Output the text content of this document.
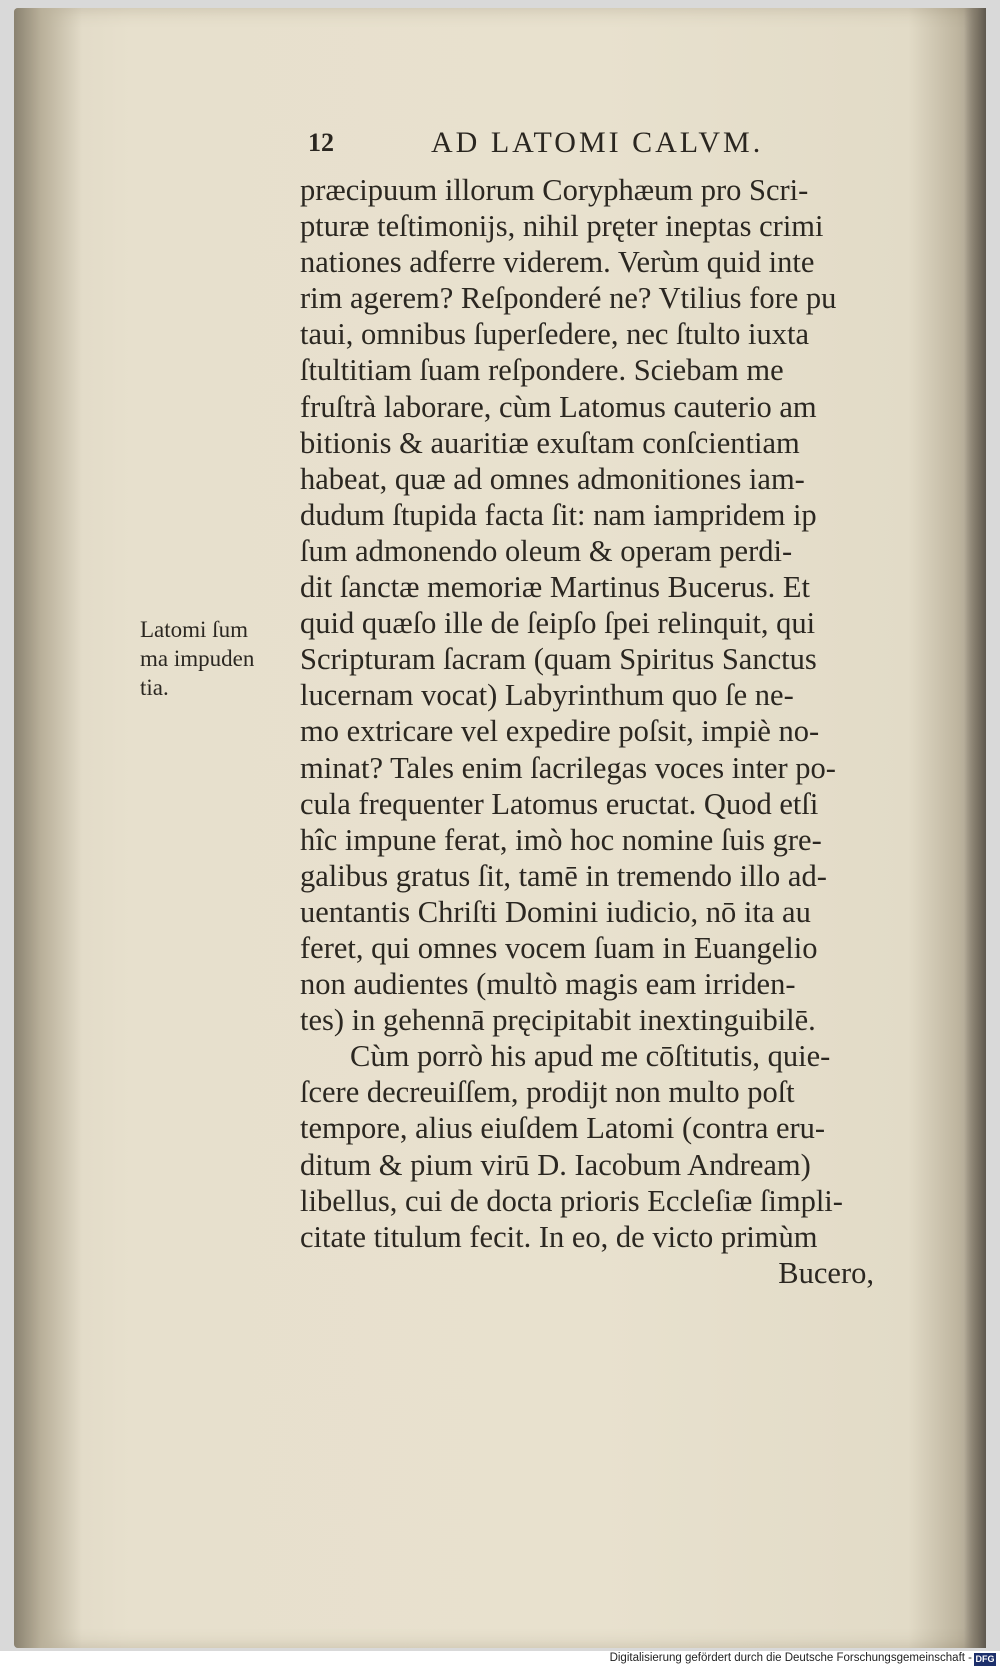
12	AD LATOMI CALVM.
Latomi ſum
ma impuden
tia.
præcipuum illorum Coryphæum pro Scri-
pturæ teſtimonijs, nihil pręter ineptas crimi
nationes adferre viderem. Verùm quid inte
rim agerem? Reſponderé ne? Vtilius fore pu
taui, omnibus ſuperſedere, nec ſtulto iuxta
ſtultitiam ſuam reſpondere. Sciebam me
fruſtrà laborare, cùm Latomus cauterio am
bitionis & auaritiæ exuſtam conſcientiam
habeat, quæ ad omnes admonitiones iam-
dudum ſtupida facta ſit: nam iampridem ip
ſum admonendo oleum & operam perdi-
dit ſanctæ memoriæ Martinus Bucerus. Et
quid quæſo ille de ſeipſo ſpei relinquit, qui
Scripturam ſacram (quam Spiritus Sanctus
lucernam vocat) Labyrinthum quo ſe ne-
mo extricare vel expedire poſsit, impiè no-
minat? Tales enim ſacrilegas voces inter po-
cula frequenter Latomus eructat. Quod etſi
hîc impune ferat, imò hoc nomine ſuis gre-
galibus gratus ſit, tamē in tremendo illo ad-
uentantis Chriſti Domini iudicio, nō ita au
feret, qui omnes vocem ſuam in Euangelio
non audientes (multò magis eam irriden-
tes) in gehennā pręcipitabit inextinguibilē.
Cùm porrò his apud me cōſtitutis, quie-
ſcere decreuiſſem, prodijt non multo poſt
tempore, alius eiuſdem Latomi (contra eru-
ditum & pium virū D. Iacobum Andream)
libellus, cui de docta prioris Eccleſiæ ſimpli-
citate titulum fecit. In eo, de victo primùm
Bucero,
Digitalisierung gefördert durch die Deutsche Forschungsgemeinschaft - DFG
